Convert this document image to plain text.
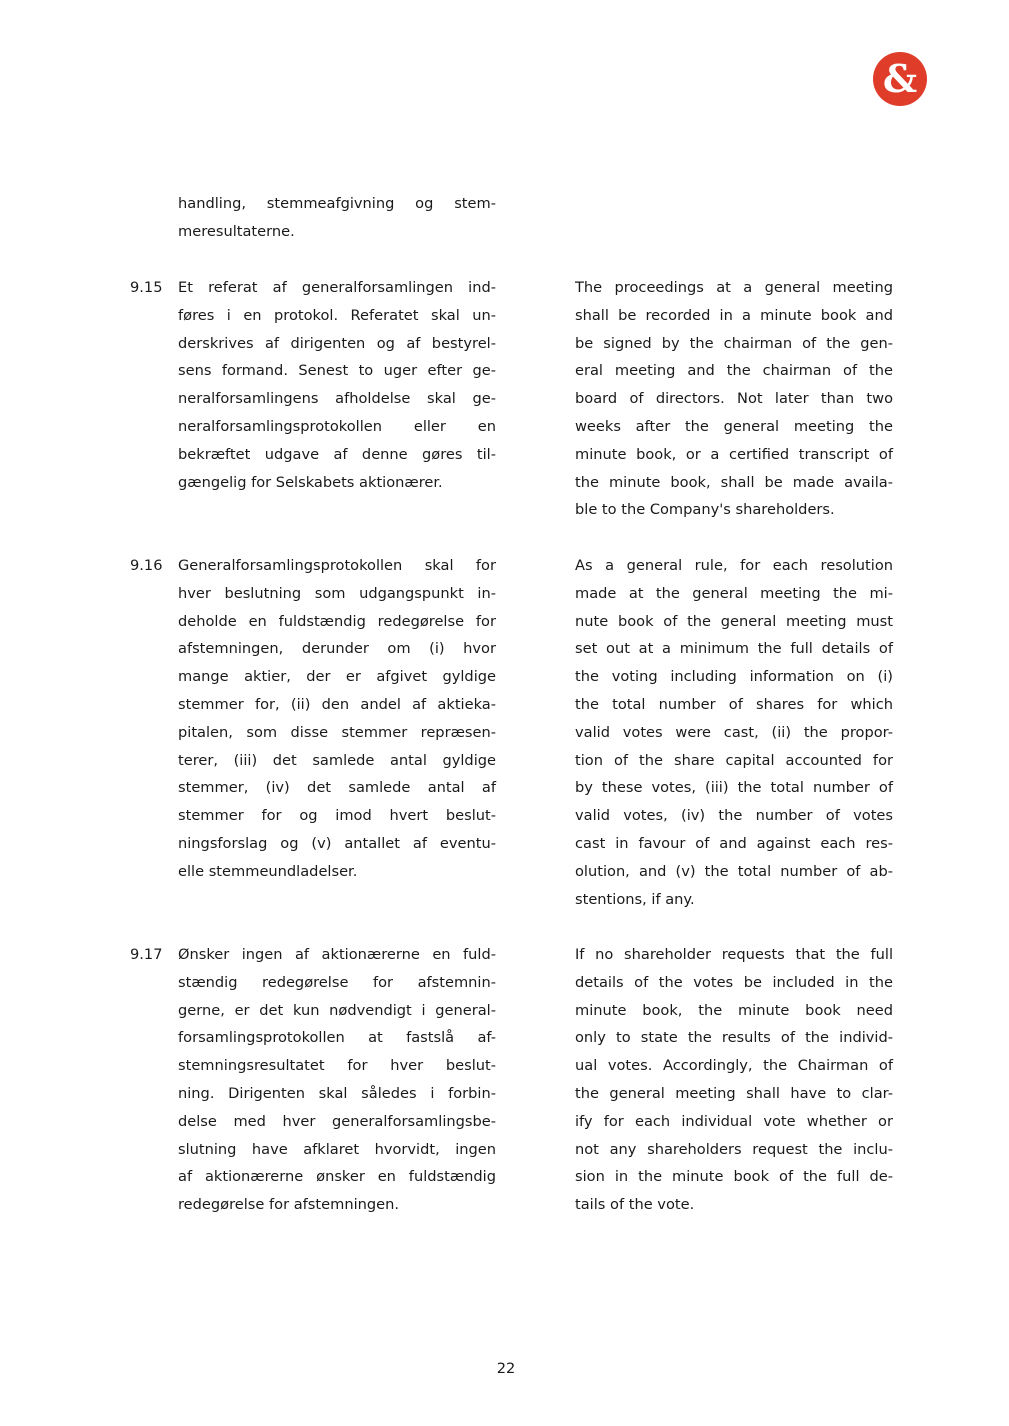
&
handling, stemmeafgivning og stem-
meresultaterne.
9.15 Et referat af generalforsamlingen ind-
føres i en protokol. Referatet skal un-
derskrives af dirigenten og af bestyrel-
sens formand. Senest to uger efter ge-
neralforsamlingens afholdelse skal ge-
neralforsamlingsprotokollen eller en
bekræftet udgave af denne gøres til-
gængelig for Selskabets aktionærer.
The proceedings at a general meeting
shall be recorded in a minute book and
be signed by the chairman of the gen-
eral meeting and the chairman of the
board of directors. Not later than two
weeks after the general meeting the
minute book, or a certified transcript of
the minute book, shall be made availa-
ble to the Company's shareholders.
9.16 Generalforsamlingsprotokollen skal for
hver beslutning som udgangspunkt in-
deholde en fuldstændig redegørelse for
afstemningen, derunder om (i) hvor
mange aktier, der er afgivet gyldige
stemmer for, (ii) den andel af aktieka-
pitalen, som disse stemmer repræsen-
terer, (iii) det samlede antal gyldige
stemmer, (iv) det samlede antal af
stemmer for og imod hvert beslut-
ningsforslag og (v) antallet af eventu-
elle stemmeundladelser.
As a general rule, for each resolution
made at the general meeting the mi-
nute book of the general meeting must
set out at a minimum the full details of
the voting including information on (i)
the total number of shares for which
valid votes were cast, (ii) the propor-
tion of the share capital accounted for
by these votes, (iii) the total number of
valid votes, (iv) the number of votes
cast in favour of and against each res-
olution, and (v) the total number of ab-
stentions, if any.
9.17 Ønsker ingen af aktionærerne en fuld-
stændig redegørelse for afstemnin-
gerne, er det kun nødvendigt i general-
forsamlingsprotokollen at fastslå af-
stemningsresultatet for hver beslut-
ning. Dirigenten skal således i forbin-
delse med hver generalforsamlingsbe-
slutning have afklaret hvorvidt, ingen
af aktionærerne ønsker en fuldstændig
redegørelse for afstemningen.
If no shareholder requests that the full
details of the votes be included in the
minute book, the minute book need
only to state the results of the individ-
ual votes. Accordingly, the Chairman of
the general meeting shall have to clar-
ify for each individual vote whether or
not any shareholders request the inclu-
sion in the minute book of the full de-
tails of the vote.
22
